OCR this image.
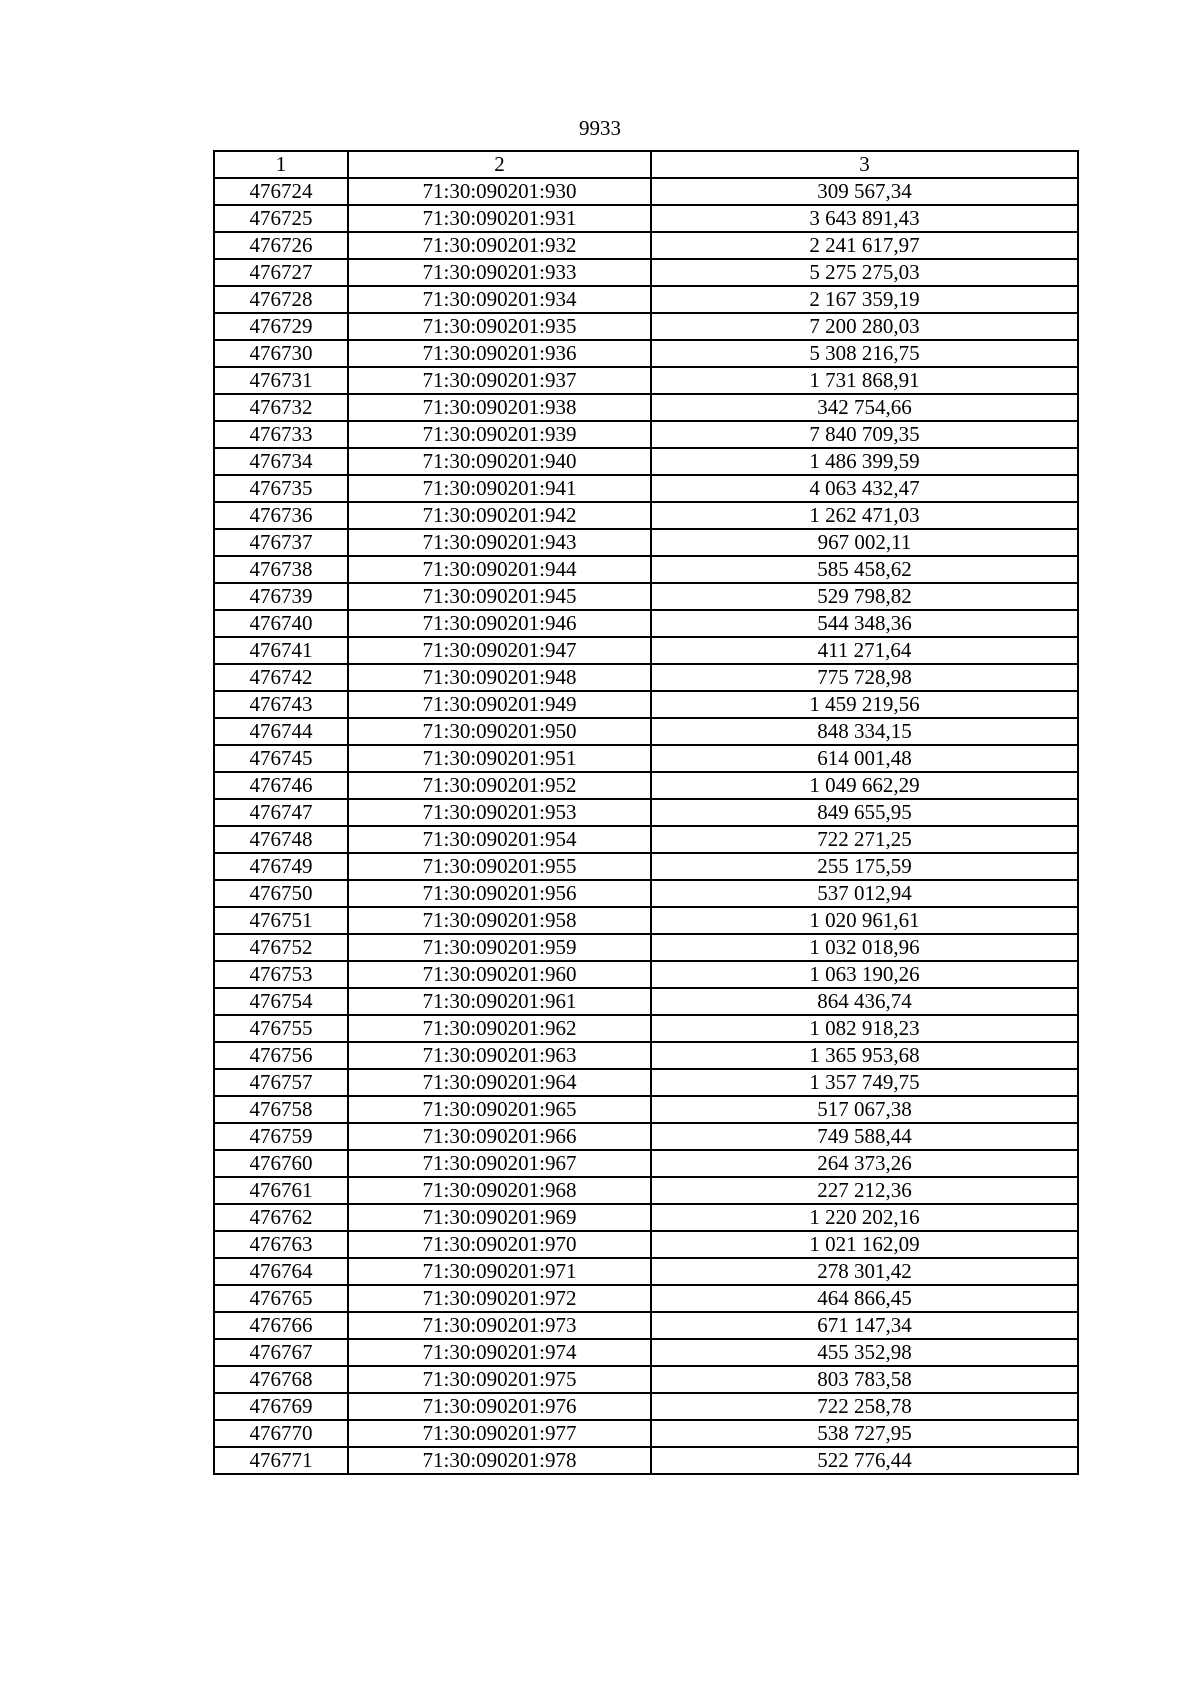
9933
1	2	3
476724	71:30:090201:930	309 567,34
476725	71:30:090201:931	3 643 891,43
476726	71:30:090201:932	2 241 617,97
476727	71:30:090201:933	5 275 275,03
476728	71:30:090201:934	2 167 359,19
476729	71:30:090201:935	7 200 280,03
476730	71:30:090201:936	5 308 216,75
476731	71:30:090201:937	1 731 868,91
476732	71:30:090201:938	342 754,66
476733	71:30:090201:939	7 840 709,35
476734	71:30:090201:940	1 486 399,59
476735	71:30:090201:941	4 063 432,47
476736	71:30:090201:942	1 262 471,03
476737	71:30:090201:943	967 002,11
476738	71:30:090201:944	585 458,62
476739	71:30:090201:945	529 798,82
476740	71:30:090201:946	544 348,36
476741	71:30:090201:947	411 271,64
476742	71:30:090201:948	775 728,98
476743	71:30:090201:949	1 459 219,56
476744	71:30:090201:950	848 334,15
476745	71:30:090201:951	614 001,48
476746	71:30:090201:952	1 049 662,29
476747	71:30:090201:953	849 655,95
476748	71:30:090201:954	722 271,25
476749	71:30:090201:955	255 175,59
476750	71:30:090201:956	537 012,94
476751	71:30:090201:958	1 020 961,61
476752	71:30:090201:959	1 032 018,96
476753	71:30:090201:960	1 063 190,26
476754	71:30:090201:961	864 436,74
476755	71:30:090201:962	1 082 918,23
476756	71:30:090201:963	1 365 953,68
476757	71:30:090201:964	1 357 749,75
476758	71:30:090201:965	517 067,38
476759	71:30:090201:966	749 588,44
476760	71:30:090201:967	264 373,26
476761	71:30:090201:968	227 212,36
476762	71:30:090201:969	1 220 202,16
476763	71:30:090201:970	1 021 162,09
476764	71:30:090201:971	278 301,42
476765	71:30:090201:972	464 866,45
476766	71:30:090201:973	671 147,34
476767	71:30:090201:974	455 352,98
476768	71:30:090201:975	803 783,58
476769	71:30:090201:976	722 258,78
476770	71:30:090201:977	538 727,95
476771	71:30:090201:978	522 776,44
